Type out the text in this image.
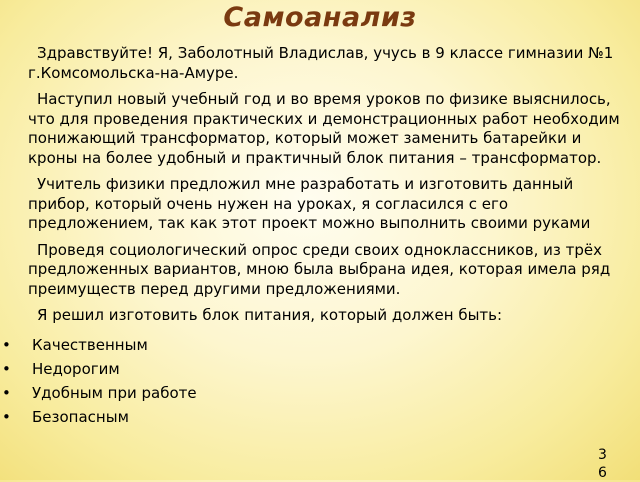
Самоанализ

Здравствуйте! Я, Заболотный Владислав, учусь в 9 классе гимназии №1 г.Комсомольска-на-Амуре.

Наступил новый учебный год и во время уроков по физике выяснилось, что для проведения практических и демонстрационных работ необходим понижающий трансформатор, который может заменить батарейки и кроны на более удобный и практичный блок питания – трансформатор.

Учитель физики предложил мне разработать и изготовить данный прибор, который очень нужен на уроках, я согласился с его предложением, так как этот проект можно выполнить своими руками

Проведя социологический опрос среди своих одноклассников, из трёх предложенных вариантов, мною была выбрана идея, которая имела ряд преимуществ перед другими предложениями.

Я решил изготовить блок питания, который должен быть:

• Качественным
• Недорогим
• Удобным при работе
• Безопасным
36
